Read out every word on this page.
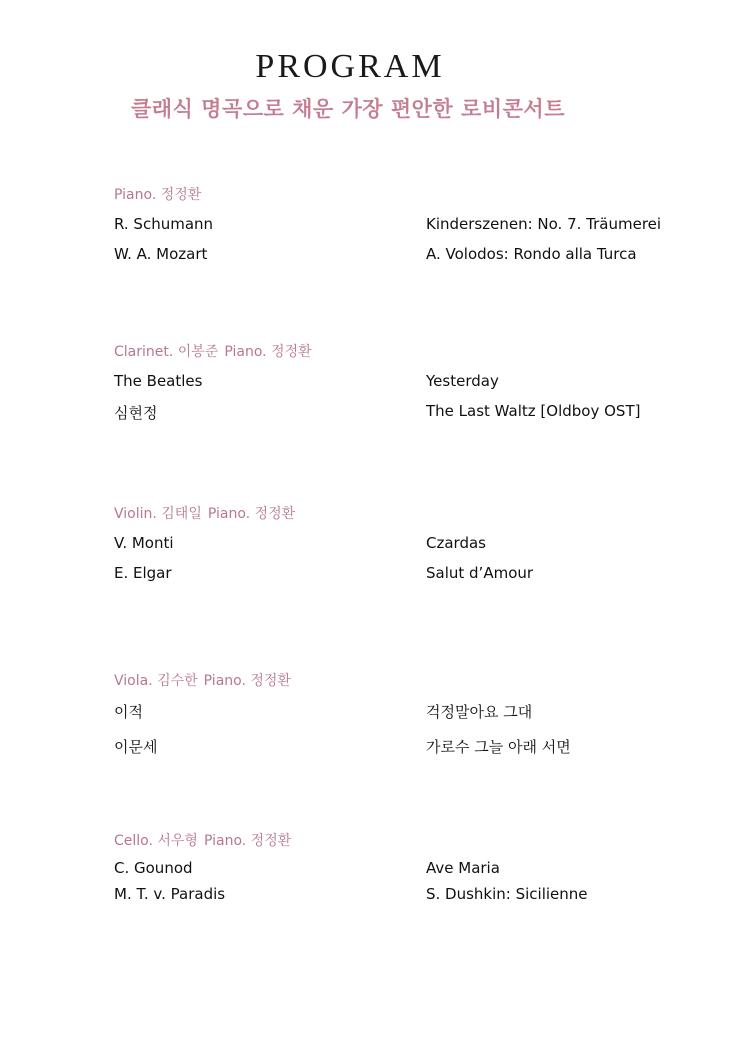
PROGRAM
클래식 명곡으로 채운 가장 편안한 로비콘서트
Piano. 정정환
R. Schumann	Kinderszenen: No. 7. Träumerei
W. A. Mozart	A. Volodos: Rondo alla Turca
Clarinet. 이봉준 Piano. 정정환
The Beatles	Yesterday
심현정	The Last Waltz [Oldboy OST]
Violin. 김태일 Piano. 정정환
V. Monti	Czardas
E. Elgar	Salut d’Amour
Viola. 김수한 Piano. 정정환
이적	걱정말아요 그대
이문세	가로수 그늘 아래 서면
Cello. 서우형 Piano. 정정환
C. Gounod	Ave Maria
M. T. v. Paradis	S. Dushkin: Sicilienne
